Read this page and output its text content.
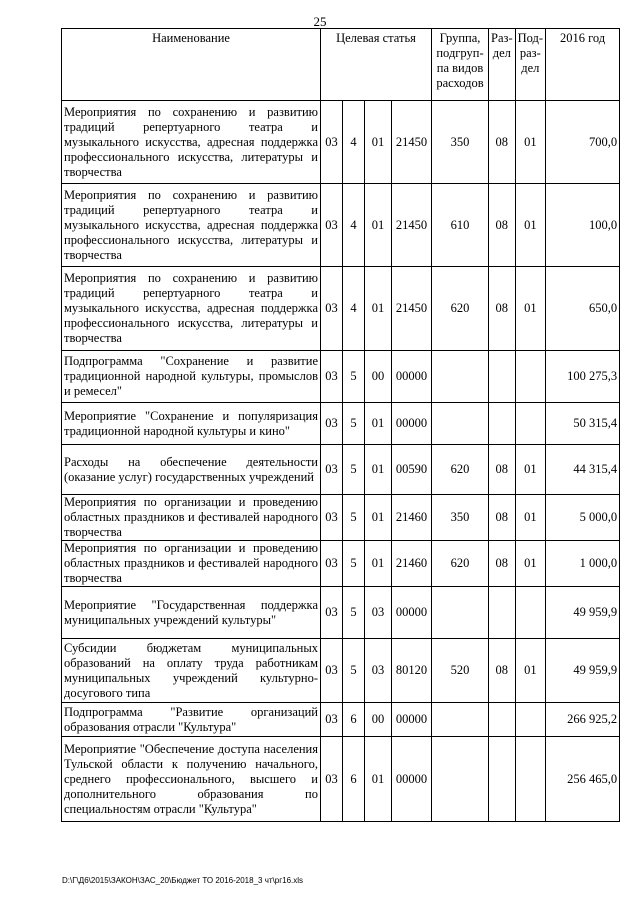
25
Наименование	Целевая статья				Группа, подгруп-па видов расходов	Раз-дел	Под-раз-дел	2016 год
Мероприятия по сохранению и развитию традиций репертуарного театра и музыкального искусства, адресная поддержка профессионального искусства, литературы и творчества	03	4	01	21450	350	08	01	700,0
Мероприятия по сохранению и развитию традиций репертуарного театра и музыкального искусства, адресная поддержка профессионального искусства, литературы и творчества	03	4	01	21450	610	08	01	100,0
Мероприятия по сохранению и развитию традиций репертуарного театра и музыкального искусства, адресная поддержка профессионального искусства, литературы и творчества	03	4	01	21450	620	08	01	650,0
Подпрограмма "Сохранение и развитие традиционной народной культуры, промыслов и ремесел"	03	5	00	00000				100 275,3
Мероприятие "Сохранение и популяризация традиционной народной культуры и кино"	03	5	01	00000				50 315,4
Расходы на обеспечение деятельности (оказание услуг) государственных учреждений	03	5	01	00590	620	08	01	44 315,4
Мероприятия по организации и проведению областных праздников и фестивалей народного творчества	03	5	01	21460	350	08	01	5 000,0
Мероприятия по организации и проведению областных праздников и фестивалей народного творчества	03	5	01	21460	620	08	01	1 000,0
Мероприятие "Государственная поддержка муниципальных учреждений культуры"	03	5	03	00000				49 959,9
Субсидии бюджетам муниципальных образований на оплату труда работникам муниципальных учреждений культурно-досугового типа	03	5	03	80120	520	08	01	49 959,9
Подпрограмма "Развитие организаций образования отрасли "Культура"	03	6	00	00000				266 925,2
Мероприятие "Обеспечение доступа населения Тульской области к получению начального, среднего профессионального, высшего и дополнительного образования по специальностям отрасли "Культура"	03	6	01	00000				256 465,0
D:\Г\Д6\2015\ЗАКОН\ЗАС_20\Бюджет ТО 2016-2018_3 чт\рг16.xls
